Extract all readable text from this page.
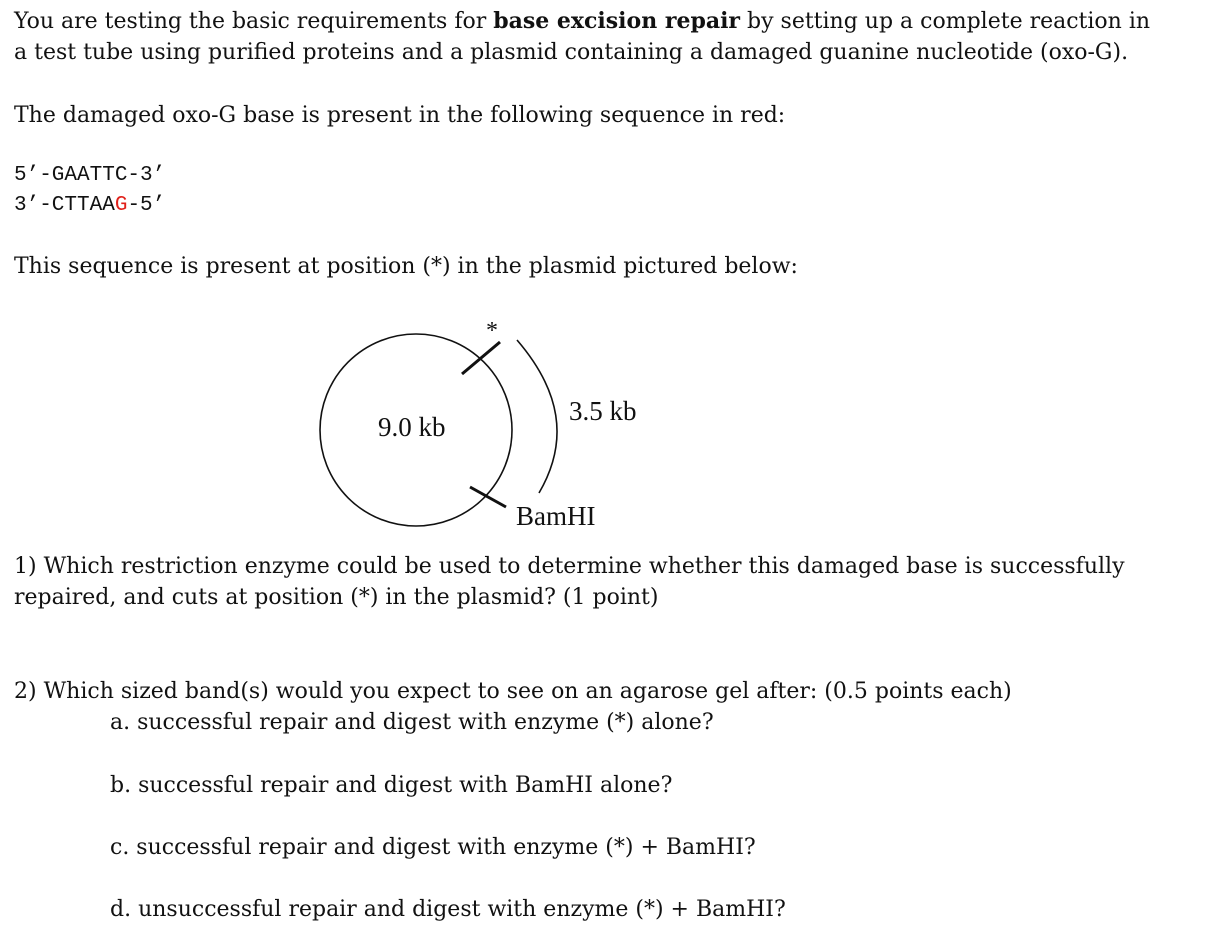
You are testing the basic requirements for base excision repair by setting up a complete reaction in
a test tube using purified proteins and a plasmid containing a damaged guanine nucleotide (oxo-G).
The damaged oxo-G base is present in the following sequence in red:
5’-GAATTC-3’
3’-CTTAAG-5’
This sequence is present at position (*) in the plasmid pictured below:
*
9.0 kb
3.5 kb
BamHI
1) Which restriction enzyme could be used to determine whether this damaged base is successfully
repaired, and cuts at position (*) in the plasmid? (1 point)
2) Which sized band(s) would you expect to see on an agarose gel after: (0.5 points each)
a. successful repair and digest with enzyme (*) alone?
b. successful repair and digest with BamHI alone?
c. successful repair and digest with enzyme (*) + BamHI?
d. unsuccessful repair and digest with enzyme (*) + BamHI?
